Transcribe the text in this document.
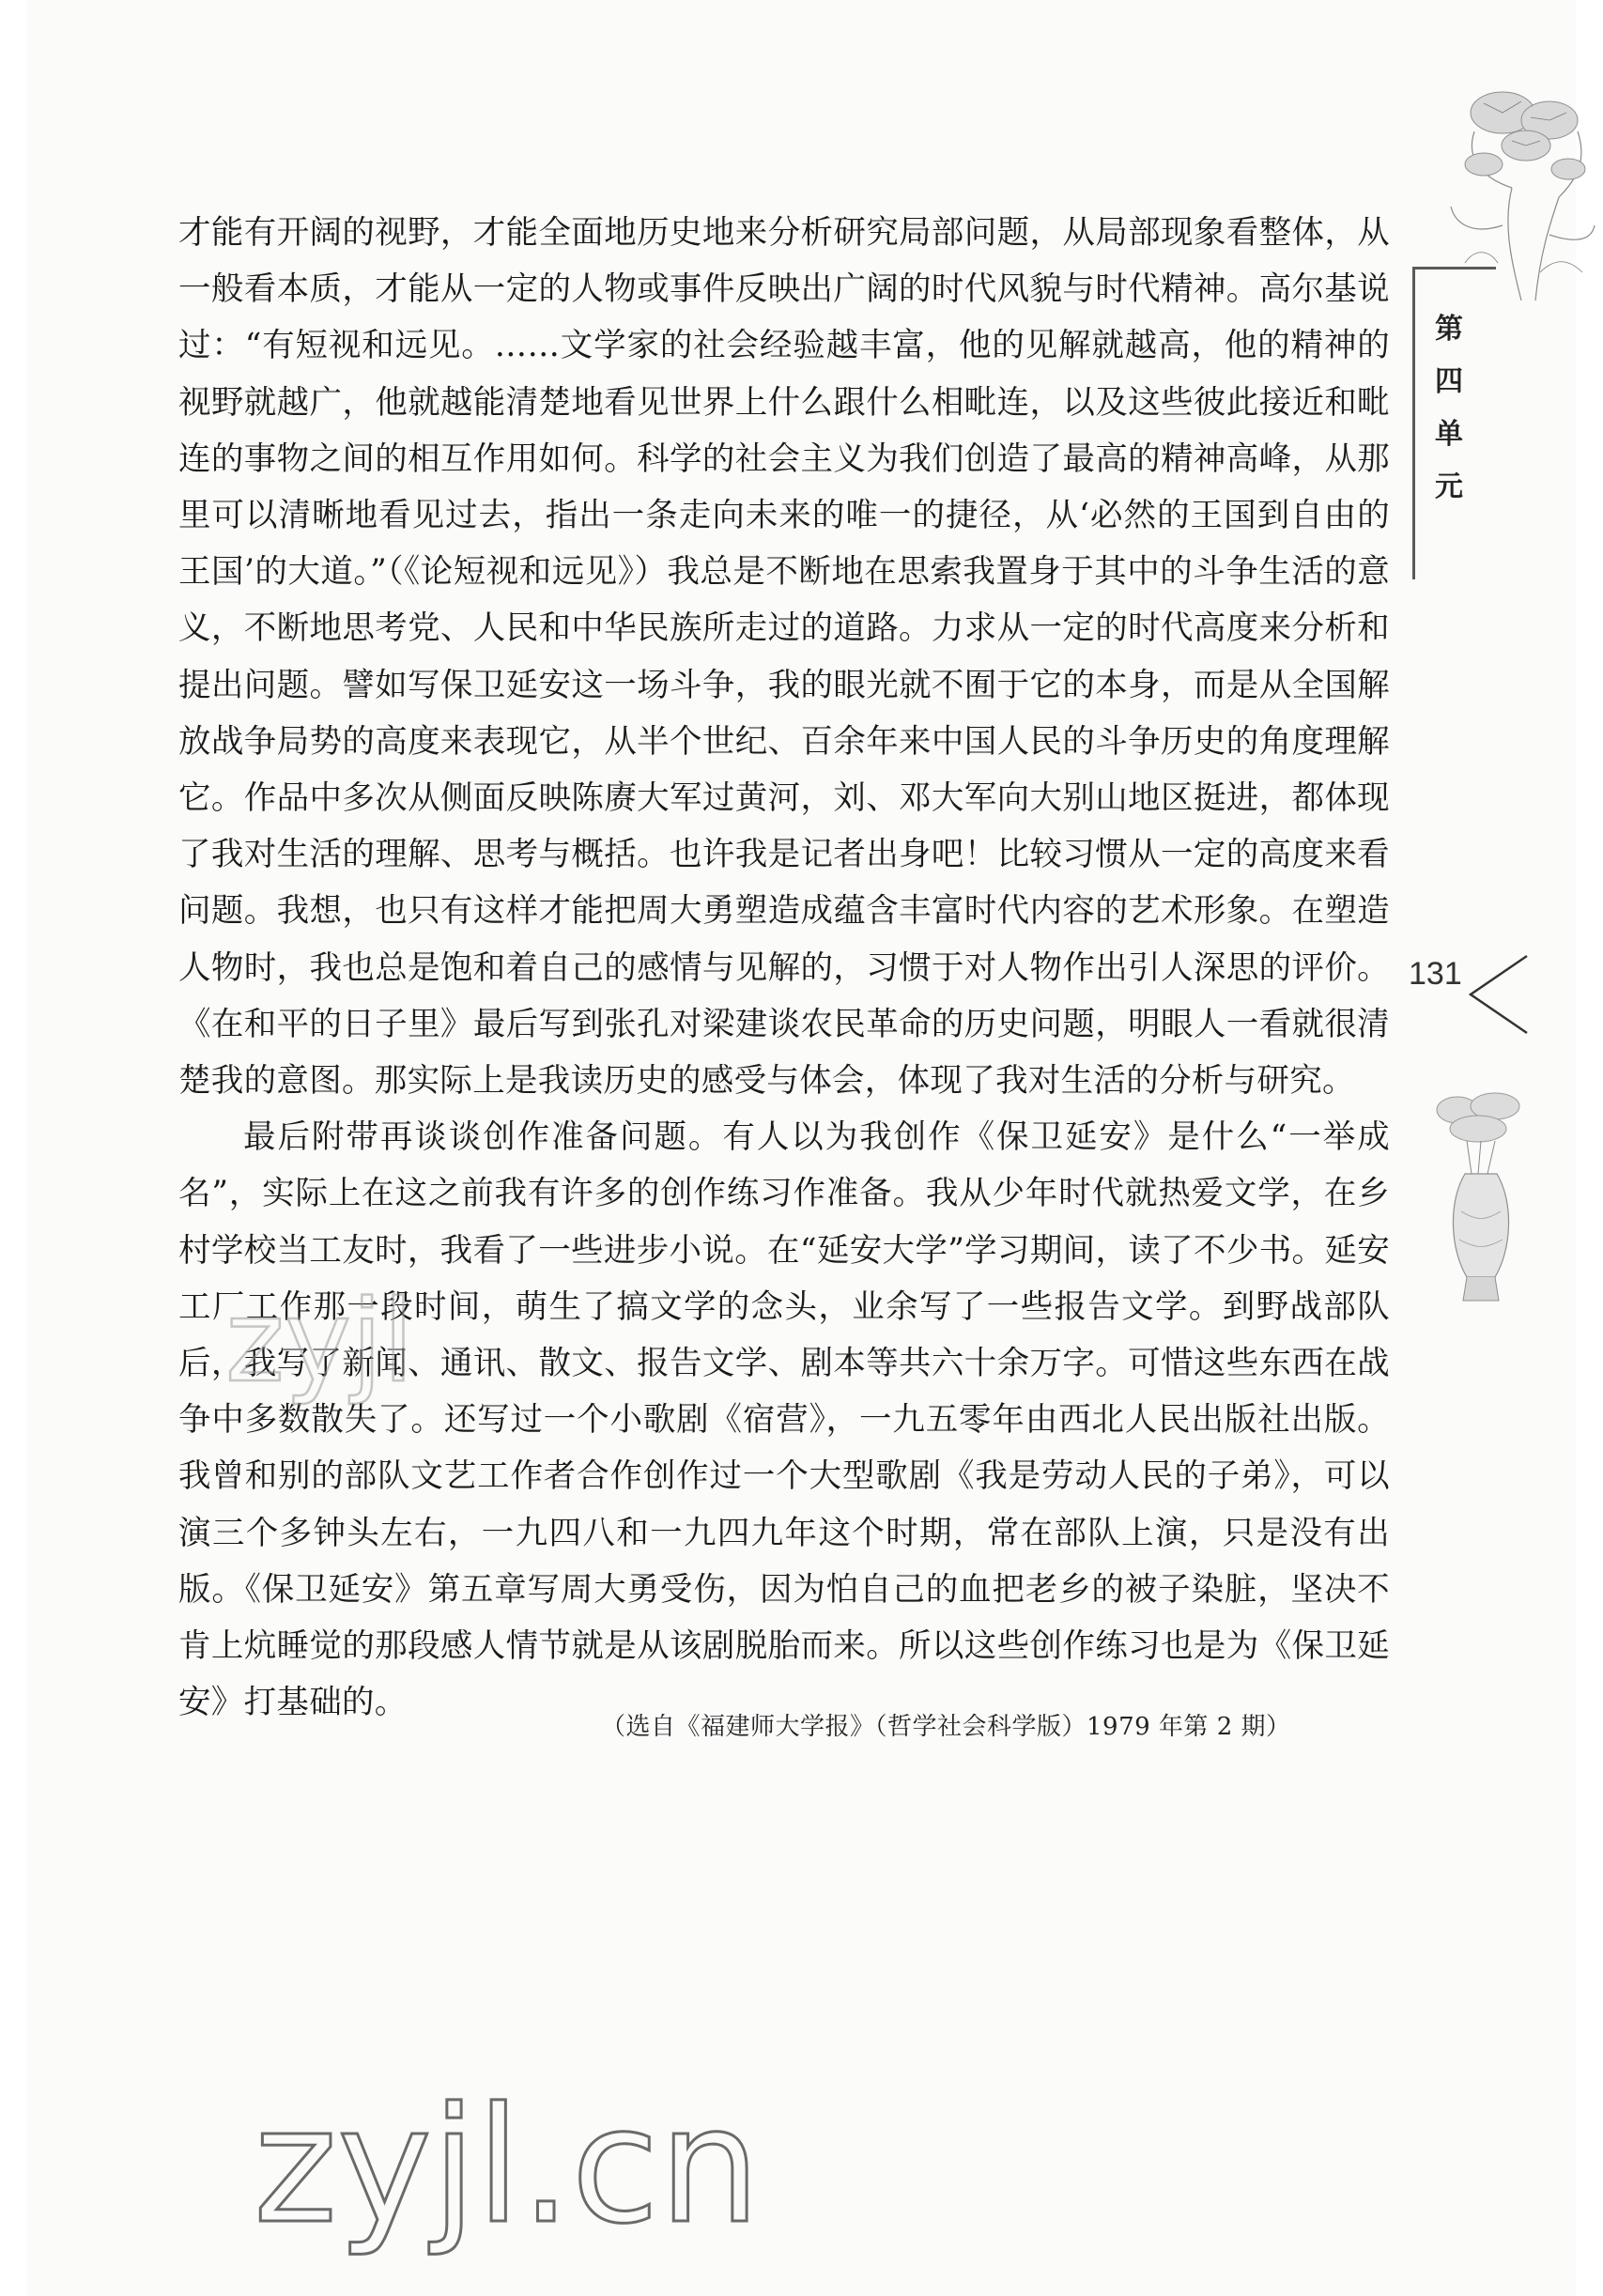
第四单元
131

才能有开阔的视野，才能全面地历史地来分析研究局部问题，从局部现象看整体，从一般看本质，才能从一定的人物或事件反映出广阔的时代风貌与时代精神。高尔基说过：“有短视和远见。……文学家的社会经验越丰富，他的见解就越高，他的精神的视野就越广，他就越能清楚地看见世界上什么跟什么相毗连，以及这些彼此接近和毗连的事物之间的相互作用如何。科学的社会主义为我们创造了最高的精神高峰，从那里可以清晰地看见过去，指出一条走向未来的唯一的捷径，从‘必然的王国到自由的王国’的大道。”（《论短视和远见》）我总是不断地在思索我置身于其中的斗争生活的意义，不断地思考党、人民和中华民族所走过的道路。力求从一定的时代高度来分析和提出问题。譬如写保卫延安这一场斗争，我的眼光就不囿于它的本身，而是从全国解放战争局势的高度来表现它，从半个世纪、百余年来中国人民的斗争历史的角度理解它。作品中多次从侧面反映陈赓大军过黄河，刘、邓大军向大别山地区挺进，都体现了我对生活的理解、思考与概括。也许我是记者出身吧！比较习惯从一定的高度来看问题。我想，也只有这样才能把周大勇塑造成蕴含丰富时代内容的艺术形象。在塑造人物时，我也总是饱和着自己的感情与见解的，习惯于对人物作出引人深思的评价。《在和平的日子里》最后写到张孔对梁建谈农民革命的历史问题，明眼人一看就很清楚我的意图。那实际上是我读历史的感受与体会，体现了我对生活的分析与研究。

最后附带再谈谈创作准备问题。有人以为我创作《保卫延安》是什么“一举成名”，实际上在这之前我有许多的创作练习作准备。我从少年时代就热爱文学，在乡村学校当工友时，我看了一些进步小说。在“延安大学”学习期间，读了不少书。延安工厂工作那一段时间，萌生了搞文学的念头，业余写了一些报告文学。到野战部队后，我写了新闻、通讯、散文、报告文学、剧本等共六十余万字。可惜这些东西在战争中多数散失了。还写过一个小歌剧《宿营》，一九五零年由西北人民出版社出版。我曾和别的部队文艺工作者合作创作过一个大型歌剧《我是劳动人民的子弟》，可以演三个多钟头左右，一九四八和一九四九年这个时期，常在部队上演，只是没有出版。《保卫延安》第五章写周大勇受伤，因为怕自己的血把老乡的被子染脏，坚决不肯上炕睡觉的那段感人情节就是从该剧脱胎而来。所以这些创作练习也是为《保卫延安》打基础的。

（选自《福建师大学报》（哲学社会科学版）1979 年第 2 期）
zyjl
zyjl.cn
